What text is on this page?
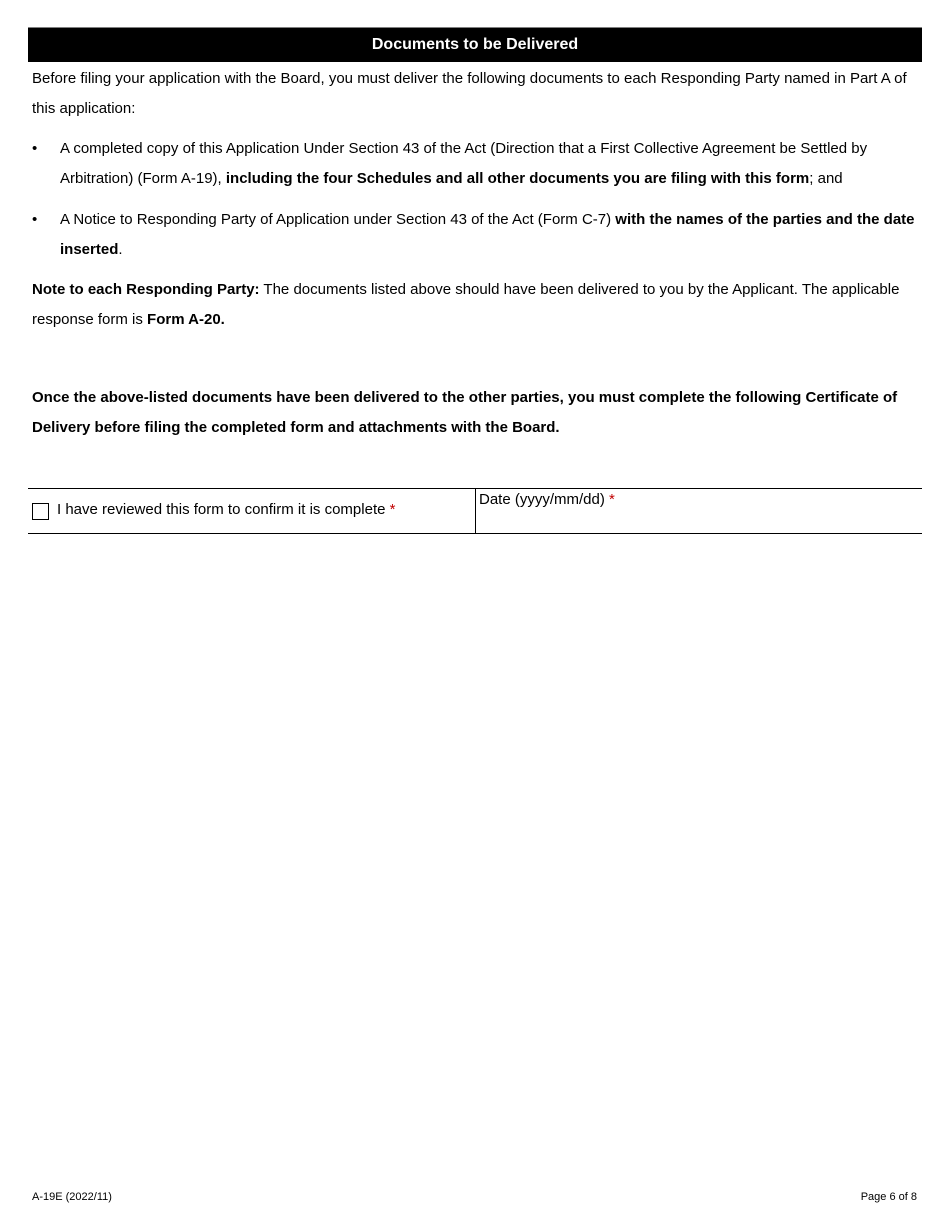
Documents to be Delivered
Before filing your application with the Board, you must deliver the following documents to each Responding Party named in Part A of this application:
• A completed copy of this Application Under Section 43 of the Act (Direction that a First Collective Agreement be Settled by Arbitration) (Form A-19), including the four Schedules and all other documents you are filing with this form; and
• A Notice to Responding Party of Application under Section 43 of the Act (Form C-7) with the names of the parties and the date inserted.
Note to each Responding Party: The documents listed above should have been delivered to you by the Applicant. The applicable response form is Form A-20.
Once the above-listed documents have been delivered to the other parties, you must complete the following Certificate of Delivery before filing the completed form and attachments with the Board.
I have reviewed this form to confirm it is complete *
Date (yyyy/mm/dd) *
A-19E (2022/11)	Page 6 of 8
